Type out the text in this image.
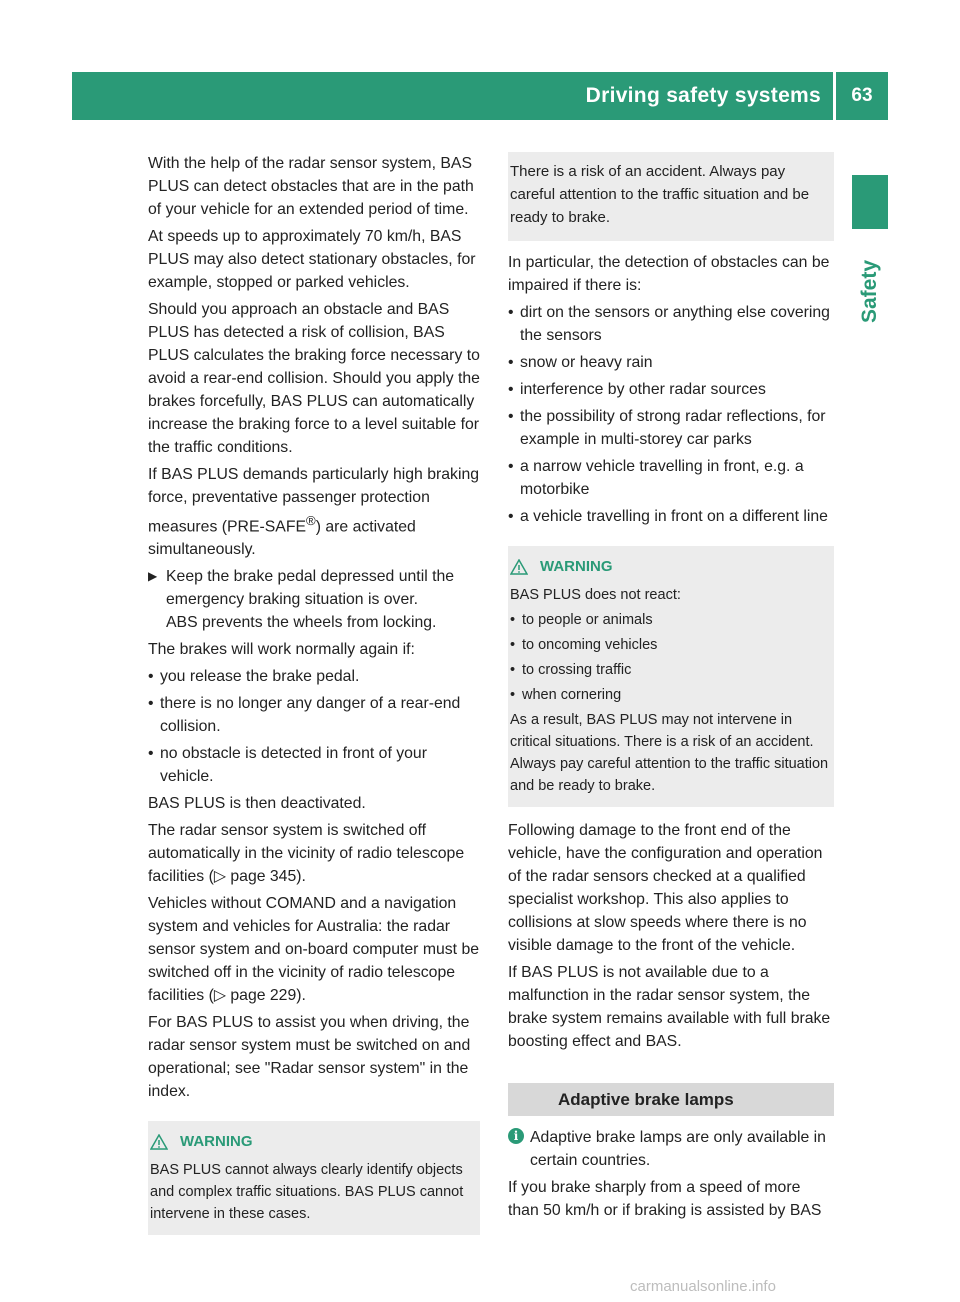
Driving safety systems	63
Safety

With the help of the radar sensor system, BAS PLUS can detect obstacles that are in the path of your vehicle for an extended period of time.

At speeds up to approximately 70 km/h, BAS PLUS may also detect stationary obstacles, for example, stopped or parked vehicles.

Should you approach an obstacle and BAS PLUS has detected a risk of collision, BAS PLUS calculates the braking force necessary to avoid a rear-end collision. Should you apply the brakes forcefully, BAS PLUS can automatically increase the braking force to a level suitable for the traffic conditions.

If BAS PLUS demands particularly high braking force, preventative passenger protection measures (PRE-SAFE®) are activated simultaneously.

▶ Keep the brake pedal depressed until the emergency braking situation is over.
ABS prevents the wheels from locking.

The brakes will work normally again if:

• you release the brake pedal.
• there is no longer any danger of a rear-end collision.
• no obstacle is detected in front of your vehicle.

BAS PLUS is then deactivated.

The radar sensor system is switched off automatically in the vicinity of radio telescope facilities (▷ page 345).

Vehicles without COMAND and a navigation system and vehicles for Australia: the radar sensor system and on-board computer must be switched off in the vicinity of radio telescope facilities (▷ page 229).

For BAS PLUS to assist you when driving, the radar sensor system must be switched on and operational; see "Radar sensor system" in the index.

WARNING
BAS PLUS cannot always clearly identify objects and complex traffic situations. BAS PLUS cannot intervene in these cases.
There is a risk of an accident. Always pay careful attention to the traffic situation and be ready to brake.

In particular, the detection of obstacles can be impaired if there is:

• dirt on the sensors or anything else covering the sensors
• snow or heavy rain
• interference by other radar sources
• the possibility of strong radar reflections, for example in multi-storey car parks
• a narrow vehicle travelling in front, e.g. a motorbike
• a vehicle travelling in front on a different line
WARNING
BAS PLUS does not react:
• to people or animals
• to oncoming vehicles
• to crossing traffic
• when cornering
As a result, BAS PLUS may not intervene in critical situations. There is a risk of an accident. Always pay careful attention to the traffic situation and be ready to brake.

Following damage to the front end of the vehicle, have the configuration and operation of the radar sensors checked at a qualified specialist workshop. This also applies to collisions at slow speeds where there is no visible damage to the front of the vehicle.

If BAS PLUS is not available due to a malfunction in the radar sensor system, the brake system remains available with full brake boosting effect and BAS.

Adaptive brake lamps
i Adaptive brake lamps are only available in certain countries.

If you brake sharply from a speed of more than 50 km/h or if braking is assisted by BAS

carmanualsonline.info
